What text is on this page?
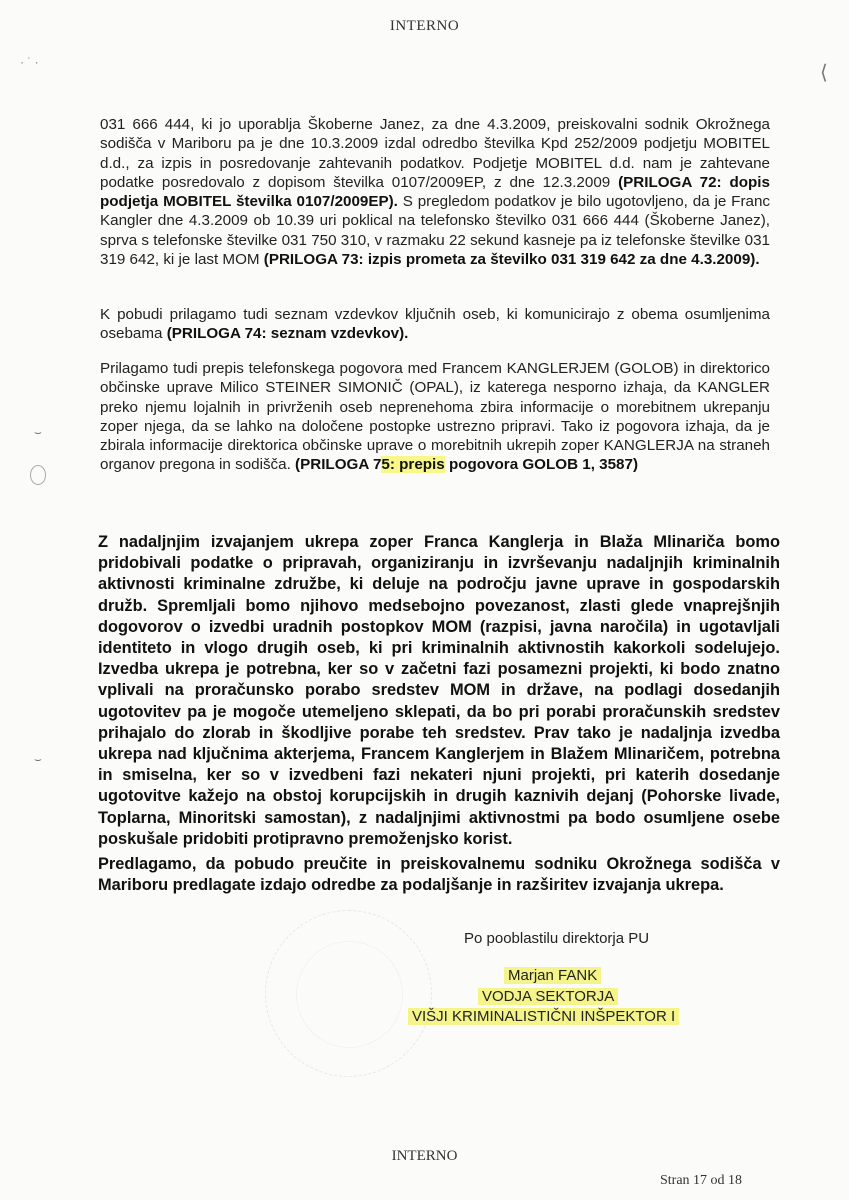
INTERNO
· ˙ ·	⟨
⌣
⌣
031 666 444, ki jo uporablja Škoberne Janez, za dne 4.3.2009, preiskovalni sodnik Okrožnega sodišča v Mariboru pa je dne 10.3.2009 izdal odredbo številka Kpd 252/2009 podjetju MOBITEL d.d., za izpis in posredovanje zahtevanih podatkov. Podjetje MOBITEL d.d. nam je zahtevane podatke posredovalo z dopisom številka 0107/2009EP, z dne 12.3.2009 (PRILOGA 72: dopis podjetja MOBITEL številka 0107/2009EP). S pregledom podatkov je bilo ugotovljeno, da je Franc Kangler dne 4.3.2009 ob 10.39 uri poklical na telefonsko številko 031 666 444 (Škoberne Janez), sprva s telefonske številke 031 750 310, v razmaku 22 sekund kasneje pa iz telefonske številke 031 319 642, ki je last MOM (PRILOGA 73: izpis prometa za številko 031 319 642 za dne 4.3.2009).
K pobudi prilagamo tudi seznam vzdevkov ključnih oseb, ki komunicirajo z obema osumljenima osebama (PRILOGA 74: seznam vzdevkov).
Prilagamo tudi prepis telefonskega pogovora med Francem KANGLERJEM (GOLOB) in direktorico občinske uprave Milico STEINER SIMONIČ (OPAL), iz katerega nesporno izhaja, da KANGLER preko njemu lojalnih in privrženih oseb neprenehoma zbira informacije o morebitnem ukrepanju zoper njega, da se lahko na določene postopke ustrezno pripravi. Tako iz pogovora izhaja, da je zbirala informacije direktorica občinske uprave o morebitnih ukrepih zoper KANGLERJA na straneh organov pregona in sodišča. (PRILOGA 75: prepis pogovora GOLOB 1, 3587)
Z nadaljnjim izvajanjem ukrepa zoper Franca Kanglerja in Blaža Mlinariča bomo pridobivali podatke o pripravah, organiziranju in izvrševanju nadaljnjih kriminalnih aktivnosti kriminalne združbe, ki deluje na področju javne uprave in gospodarskih družb. Spremljali bomo njihovo medsebojno povezanost, zlasti glede vnaprejšnjih dogovorov o izvedbi uradnih postopkov MOM (razpisi, javna naročila) in ugotavljali identiteto in vlogo drugih oseb, ki pri kriminalnih aktivnostih kakorkoli sodelujejo. Izvedba ukrepa je potrebna, ker so v začetni fazi posamezni projekti, ki bodo znatno vplivali na proračunsko porabo sredstev MOM in države, na podlagi dosedanjih ugotovitev pa je mogoče utemeljeno sklepati, da bo pri porabi proračunskih sredstev prihajalo do zlorab in škodljive porabe teh sredstev. Prav tako je nadaljnja izvedba ukrepa nad ključnima akterjema, Francem Kanglerjem in Blažem Mlinaričem, potrebna in smiselna, ker so v izvedbeni fazi nekateri njuni projekti, pri katerih dosedanje ugotovitve kažejo na obstoj korupcijskih in drugih kaznivih dejanj (Pohorske livade, Toplarna, Minoritski samostan), z nadaljnjimi aktivnostmi pa bodo osumljene osebe poskušale pridobiti protipravno premoženjsko korist.
Predlagamo, da pobudo preučite in preiskovalnemu sodniku Okrožnega sodišča v Mariboru predlagate izdajo odredbe za podaljšanje in razširitev izvajanja ukrepa.
Po pooblastilu direktorja PU
Marjan FANK
VODJA SEKTORJA
VIŠJI KRIMINALISTIČNI INŠPEKTOR I
INTERNO
Stran 17 od 18
